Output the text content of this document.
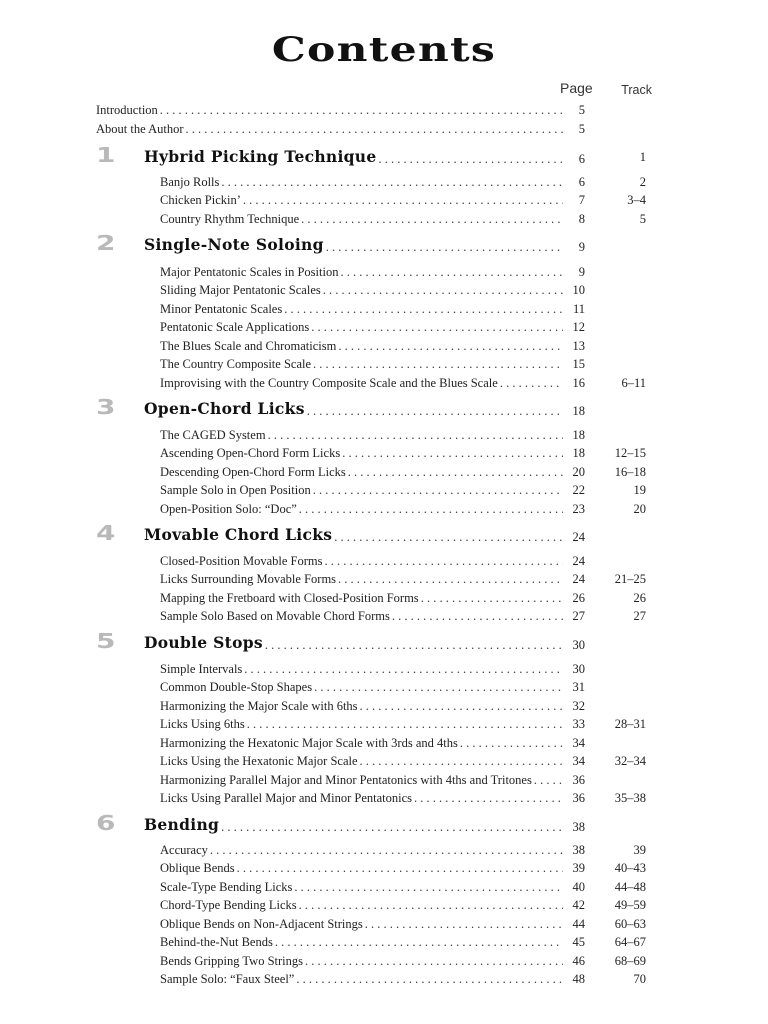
Contents
Page	Track
Introduction . . .	5
About the Author . . .	5
1	Hybrid Picking Technique . . .	6	1
Banjo Rolls . . .	6	2
Chicken Pickin’ . . .	7	3–4
Country Rhythm Technique . . .	8	5
2	Single-Note Soloing . . .	9
Major Pentatonic Scales in Position . . .	9
Sliding Major Pentatonic Scales . . .	10
Minor Pentatonic Scales . . .	11
Pentatonic Scale Applications . . .	12
The Blues Scale and Chromaticism . . .	13
The Country Composite Scale . . .	15
Improvising with the Country Composite Scale and the Blues Scale . . .	16	6–11
3	Open-Chord Licks . . .	18
The CAGED System . . .	18
Ascending Open-Chord Form Licks . . .	18	12–15
Descending Open-Chord Form Licks . . .	20	16–18
Sample Solo in Open Position . . .	22	19
Open-Position Solo: “Doc” . . .	23	20
4	Movable Chord Licks . . .	24
Closed-Position Movable Forms . . .	24
Licks Surrounding Movable Forms . . .	24	21–25
Mapping the Fretboard with Closed-Position Forms . . .	26	26
Sample Solo Based on Movable Chord Forms . . .	27	27
5	Double Stops . . .	30
Simple Intervals . . .	30
Common Double-Stop Shapes . . .	31
Harmonizing the Major Scale with 6ths . . .	32
Licks Using 6ths . . .	33	28–31
Harmonizing the Hexatonic Major Scale with 3rds and 4ths . . .	34
Licks Using the Hexatonic Major Scale . . .	34	32–34
Harmonizing Parallel Major and Minor Pentatonics with 4ths and Tritones . . .	36
Licks Using Parallel Major and Minor Pentatonics . . .	36	35–38
6	Bending . . .	38
Accuracy . . .	38	39
Oblique Bends . . .	39	40–43
Scale-Type Bending Licks . . .	40	44–48
Chord-Type Bending Licks . . .	42	49–59
Oblique Bends on Non-Adjacent Strings . . .	44	60–63
Behind-the-Nut Bends . . .	45	64–67
Bends Gripping Two Strings . . .	46	68–69
Sample Solo: “Faux Steel” . . .	48	70
